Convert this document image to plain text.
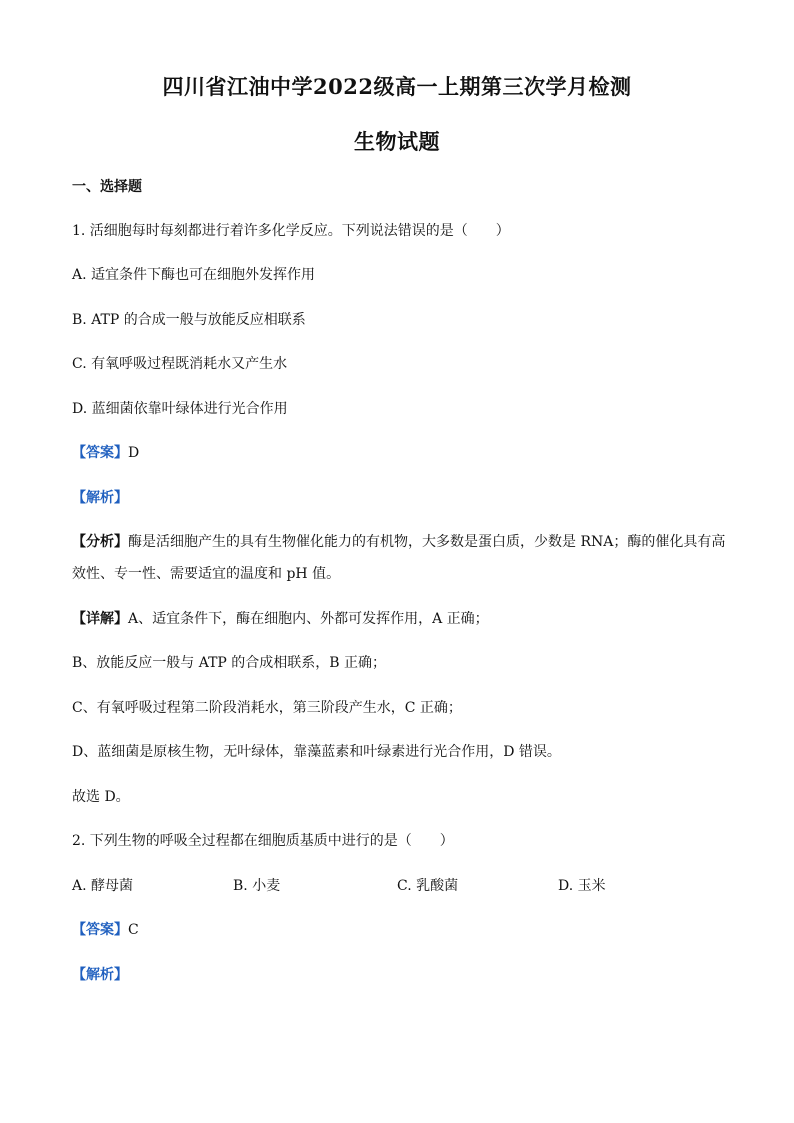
四川省江油中学2022级高一上期第三次学月检测
生物试题
一、选择题
1. 活细胞每时每刻都进行着许多化学反应。下列说法错误的是（　　）
A. 适宜条件下酶也可在细胞外发挥作用
B. ATP 的合成一般与放能反应相联系
C. 有氧呼吸过程既消耗水又产生水
D. 蓝细菌依靠叶绿体进行光合作用
【答案】D
【解析】
【分析】酶是活细胞产生的具有生物催化能力的有机物，大多数是蛋白质，少数是 RNA；酶的催化具有高
效性、专一性、需要适宜的温度和 pH 值。
【详解】A、适宜条件下，酶在细胞内、外都可发挥作用，A 正确；
B、放能反应一般与 ATP 的合成相联系，B 正确；
C、有氧呼吸过程第二阶段消耗水，第三阶段产生水，C 正确；
D、蓝细菌是原核生物，无叶绿体，靠藻蓝素和叶绿素进行光合作用，D 错误。
故选 D。
2. 下列生物的呼吸全过程都在细胞质基质中进行的是（　　）
A. 酵母菌	B. 小麦	C. 乳酸菌	D. 玉米
【答案】C
【解析】
